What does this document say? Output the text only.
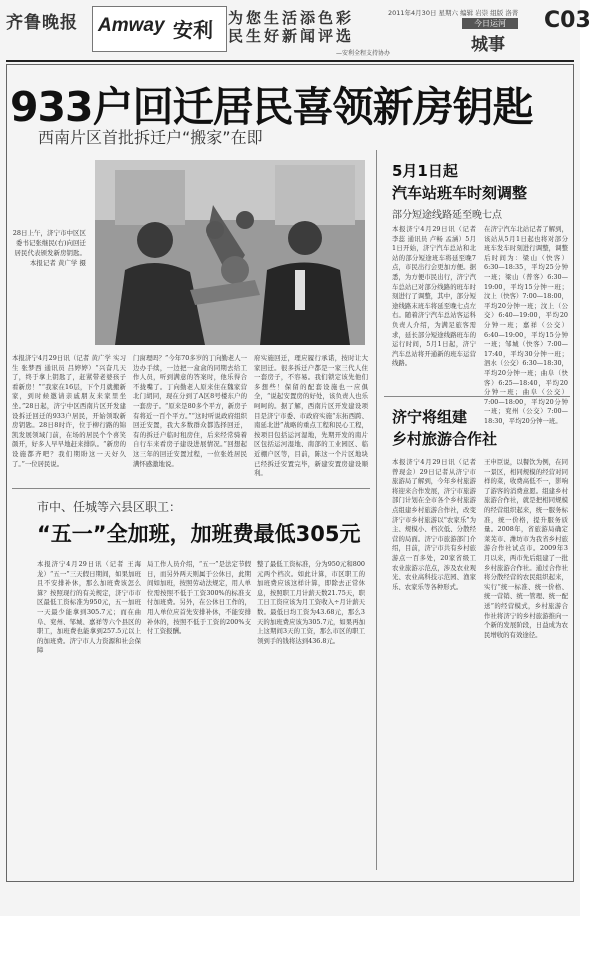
齐鲁晚报 Amway 安利 为您生活添色彩
民生好新闻评选
—安利全程支持协办
2011年4月30日 星期六 编辑 岩崇 组版 洛菁
今日运河
城事
C03
933户回迁居民喜领新房钥匙
西南片区首批拆迁户“搬家”在即
28日上午，济宁市中区区委书记张继民(右)向回迁居民代表颁发新房钥匙。本报记者 黄广学 摄
本报济宁4月29日讯（记者 黄广学 实习生 张梦西 通讯员 吕婷婷）“兴奋几天了，终于拿上钥匙了，赶紧带老婆孩子看新房！”“我家在16层，下个月就搬新家，到时候邀请亲戚朋友来家里坐坐。”28日起，济宁中区西南片区开发建设拆迁回迁的933户居民，开始领取新房钥匙。28日8时许，位于柳行路的锦凯发展领域门前，在场的居民个个喜笑颜开，好多人早早地赶来排队。“新房的设施都齐吧？我们期盼这一天好久了。”一位居民说。
门窗理吗？”今年70多岁的丁向勤老人一边办手续，一边把一盒盒的同期去给工作人员，听到满意的答案时，他乐得合不拢嘴了。丁向勤老人原来住在魏家营北门胡同，现在分到了A区8号楼东户的一套房子。“原来是80多个平方，新房子有将近一百个平方。”“这时听说政府组织回迁安置，我大多数群众都选择回迁，有的拆迁户临时租房住，后来经常骑着自行车来看房子建设进展情况。”回想起这三年的回迁安置过程，一位张姓居民满怀感激地说。
府实施回迁，理应履行承诺，按时让大家回迁。很多拆迁户都是一家三代人住一套房子，不容易。我们锁定该先他们多想些！保留的配套设施也一应俱全，“说起安置房的好处，该负责人也乐呵呵的。据了解，西南片区开发建设项目是济宁市委、市政府实施“东拓西跨、南延北进”战略的重点工程和民心工程，按项目包括运河湿地，先期开发的南片区包括运河湿地、南部的工业园区、临近棚户区等，目前，陈这一个片区地块已经拆迁安置完毕，新建安置房建设顺利。
市中、任城等六县区职工：
“五一”全加班，加班费最低305元
本报济宁4月29日讯（记者 王海龙）“五一”三天假日期间，如果加班且不安排补休，那么加班费该怎么算？按照现行的有关规定，济宁市市区最低工资标准为950元，五一加班一天最少能拿到305.7元；而在曲阜、兖州、邹城、嘉祥等六个县区的职工，加班费也能拿到257.5元以上的加班费。济宁市人力资源和社会保障
局工作人员介绍，“五一”是法定节假日，而另外两天则属于公休日，此期间如加班，按照劳动法规定，用人单位需按照不低于工资300%的标准支付加班费。另外，在公休日工作的，用人单位应首先安排补休，不能安排补休的，按照不低于工资的200%支付工资报酬。
整了最低工资标准，分为950元和800元两个档次。如此计算，市区职工的加班费应该这样计算，即除去正常休息，按照职工月计薪天数21.75天，职工日工资应该为月工资收入÷月计薪天数。最低日均工资为43.68元，那么3天的加班费应该为305.7元，如果再加上这期间3天的工资，那么市区的职工领到手的钱将达到436.8元。
5月1日起
汽车站班车时刻调整
部分短途线路延至晚七点
本报济宁4月29日讯（记者 李蕊 通讯员 卢畅 孟涵）5月1日开始，济宁汽车总站和北站的部分短途班车将延至晚7点，市民出行会更加方便。据悉，为方便市民出行，济宁汽车总站已对部分线路的班车时刻进行了调整，其中，部分短途线路末班车将延至晚七点左右。随着济宁汽车总站客运科负责人介绍，为满足旅客需求，延长部分短途线路班车的运行时间，5月1日起，济宁汽车总站将开通新的班车运营线路。
在济宁汽车北站记者了解到，该站从5月1日起也将对部分班车发车时刻进行调整，调整后时间为：梁山（快客）6:30—18:35，平均25分钟一班；梁山（普客）6:30—19:00，平均15分钟一班；汶上（快客）7:00—18:00，平均20分钟一班；汶上（公交）6:40—19:00，平均20分钟一班；嘉祥（公交）6:40—19:00，平均15分钟一班；邹城（快客）7:00—17:40，平均30分钟一班；泗水（公交）6:30—18:30，平均20分钟一班；曲阜（快客）6:25—18:40，平均20分钟一班；曲阜（公交）7:00—18:00，平均20分钟一班；兖州（公交）7:00—18:30，平均20分钟一班。
济宁将组建
乡村旅游合作社
本报济宁4月29日讯（记者 曾现金）29日记者从济宁市旅游局了解到，今年乡村旅游将迎来合作发展，济宁市旅游部门计划在全市各个乡村旅游点组建乡村旅游合作社，改变济宁市乡村旅游以“农家乐”为主、规模小、档次低、分散经营的局面。济宁市旅游部门介绍，目前，济宁市共有乡村旅游点一百多处，20家省级工农业旅游示范点，涉及农业观光、农业高科技示范园、渔家乐、农家乐等各种形式。
王申臣说，以餐饮为例，在同一景区，相同规模的经营对同样的菜，收费高低不一，影响了游客的消费意愿。组建乡村旅游合作社，就是把相同规模的经营组织起来，统一服务标准，统一价格，提升服务质量。2008年，省旅游局确定莱芜市、潍坊市为我省乡村旅游合作社试点市。2009年3月以来，两市先后组建了一批乡村旅游合作社。通过合作社将分散经营的农民组织起来，实行“统一标准、统一价格、统一营销、统一管理、统一配送”的经营模式，乡村旅游合作社将济宁的乡村旅游推向一个新的发展阶段，日益成为农民增收的有效途径。
